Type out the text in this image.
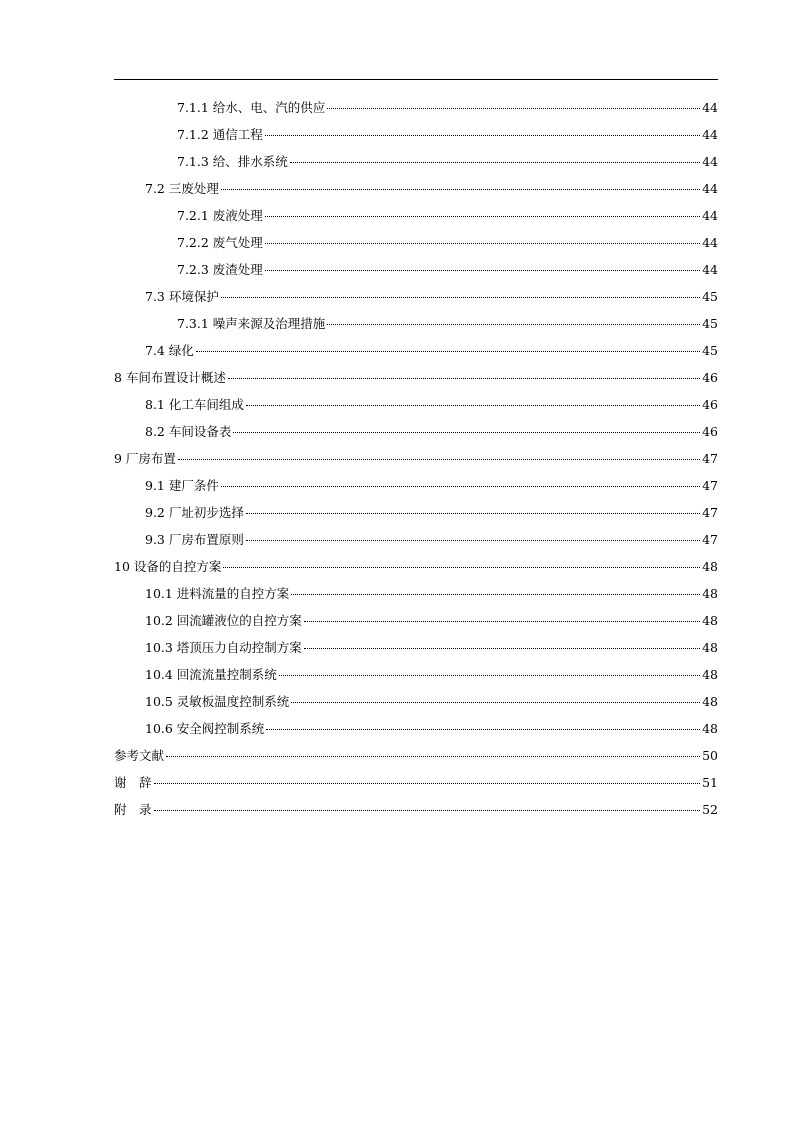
7.1.1 给水、电、汽的供应	44
7.1.2 通信工程	44
7.1.3 给、排水系统	44
7.2 三废处理	44
7.2.1 废液处理	44
7.2.2 废气处理	44
7.2.3 废渣处理	44
7.3 环境保护	45
7.3.1 噪声来源及治理措施	45
7.4 绿化	45
8 车间布置设计概述	46
8.1 化工车间组成	46
8.2 车间设备表	46
9 厂房布置	47
9.1 建厂条件	47
9.2 厂址初步选择	47
9.3 厂房布置原则	47
10 设备的自控方案	48
10.1 进料流量的自控方案	48
10.2 回流罐液位的自控方案	48
10.3 塔顶压力自动控制方案	48
10.4 回流流量控制系统	48
10.5 灵敏板温度控制系统	48
10.6 安全阀控制系统	48
参考文献	50
谢　辞	51
附　录	52
